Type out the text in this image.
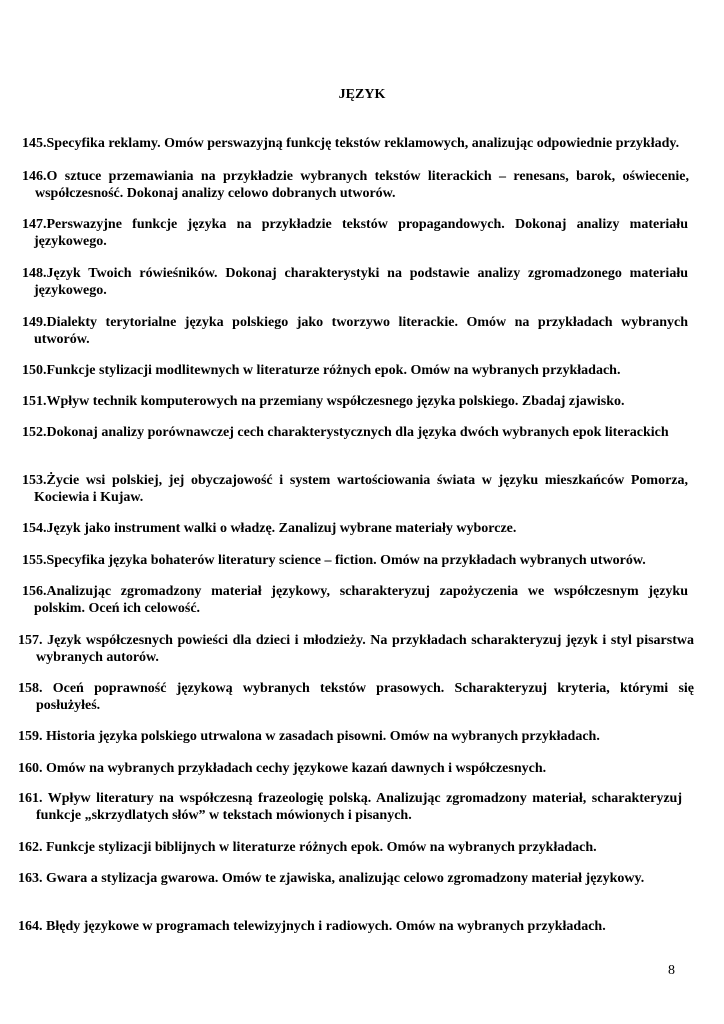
JĘZYK
145.Specyfika reklamy. Omów perswazyjną funkcję tekstów reklamowych, analizując odpowiednie przykłady.
146.O sztuce przemawiania na przykładzie wybranych tekstów literackich – renesans, barok, oświecenie, współczesność. Dokonaj analizy celowo dobranych utworów.
147.Perswazyjne funkcje języka na przykładzie tekstów propagandowych. Dokonaj analizy materiału językowego.
148.Język Twoich rówieśników. Dokonaj charakterystyki na podstawie analizy zgromadzonego materiału językowego.
149.Dialekty terytorialne języka polskiego jako tworzywo literackie. Omów na przykładach wybranych utworów.
150.Funkcje stylizacji modlitewnych w literaturze różnych epok. Omów na wybranych przykładach.
151.Wpływ technik komputerowych na przemiany współczesnego języka polskiego. Zbadaj zjawisko.
152.Dokonaj analizy porównawczej cech charakterystycznych dla języka dwóch wybranych epok literackich
153.Życie wsi polskiej, jej obyczajowość i system wartościowania świata w języku mieszkańców Pomorza, Kociewia i Kujaw.
154.Język jako instrument walki o władzę. Zanalizuj wybrane materiały wyborcze.
155.Specyfika języka bohaterów literatury science – fiction. Omów na przykładach wybranych utworów.
156.Analizując zgromadzony materiał językowy, scharakteryzuj zapożyczenia we współczesnym języku polskim. Oceń ich celowość.
157. Język współczesnych powieści dla dzieci i młodzieży. Na przykładach scharakteryzuj język i styl pisarstwa wybranych autorów.
158. Oceń poprawność językową wybranych tekstów prasowych. Scharakteryzuj kryteria, którymi się posłużyłeś.
159. Historia języka polskiego utrwalona w zasadach pisowni. Omów na wybranych przykładach.
160. Omów na wybranych przykładach cechy językowe kazań dawnych i współczesnych.
161. Wpływ literatury na współczesną frazeologię polską. Analizując zgromadzony materiał, scharakteryzuj funkcje „skrzydlatych słów” w tekstach mówionych i pisanych.
162. Funkcje stylizacji biblijnych w literaturze różnych epok. Omów na wybranych przykładach.
163. Gwara a stylizacja gwarowa. Omów te zjawiska, analizując celowo zgromadzony materiał językowy.
164. Błędy językowe w programach telewizyjnych i radiowych. Omów na wybranych przykładach.
8
